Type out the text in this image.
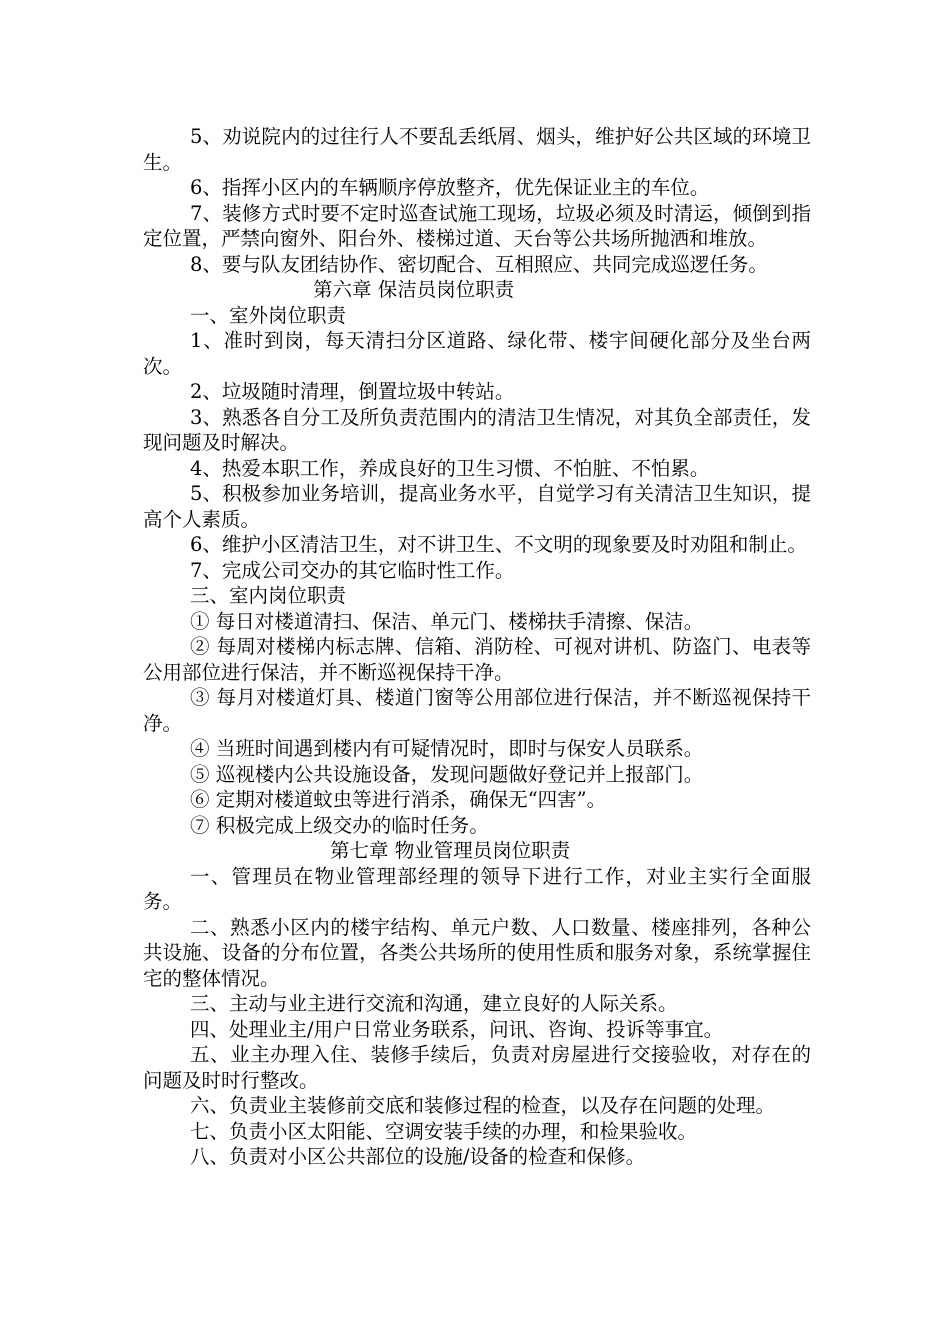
5、劝说院内的过往行人不要乱丢纸屑、烟头，维护好公共区域的环境卫生。

6、指挥小区内的车辆顺序停放整齐，优先保证业主的车位。

7、装修方式时要不定时巡查试施工现场，垃圾必须及时清运，倾倒到指定位置，严禁向窗外、阳台外、楼梯过道、天台等公共场所抛洒和堆放。

8、要与队友团结协作、密切配合、互相照应、共同完成巡逻任务。

第六章 保洁员岗位职责

一、室外岗位职责

1、准时到岗，每天清扫分区道路、绿化带、楼宇间硬化部分及坐台两次。

2、垃圾随时清理，倒置垃圾中转站。

3、熟悉各自分工及所负责范围内的清洁卫生情况，对其负全部责任，发现问题及时解决。

4、热爱本职工作，养成良好的卫生习惯、不怕脏、不怕累。

5、积极参加业务培训，提高业务水平，自觉学习有关清洁卫生知识，提高个人素质。

6、维护小区清洁卫生，对不讲卫生、不文明的现象要及时劝阻和制止。

7、完成公司交办的其它临时性工作。

三、室内岗位职责

① 每日对楼道清扫、保洁、单元门、楼梯扶手清擦、保洁。

② 每周对楼梯内标志牌、信箱、消防栓、可视对讲机、防盗门、电表等公用部位进行保洁，并不断巡视保持干净。

③ 每月对楼道灯具、楼道门窗等公用部位进行保洁，并不断巡视保持干净。

④ 当班时间遇到楼内有可疑情况时，即时与保安人员联系。

⑤ 巡视楼内公共设施设备，发现问题做好登记并上报部门。

⑥ 定期对楼道蚊虫等进行消杀，确保无“四害”。

⑦ 积极完成上级交办的临时任务。

第七章 物业管理员岗位职责

一、管理员在物业管理部经理的领导下进行工作，对业主实行全面服务。

二、熟悉小区内的楼宇结构、单元户数、人口数量、楼座排列，各种公共设施、设备的分布位置，各类公共场所的使用性质和服务对象，系统掌握住宅的整体情况。

三、主动与业主进行交流和沟通，建立良好的人际关系。

四、处理业主/用户日常业务联系，问讯、咨询、投诉等事宜。

五、业主办理入住、装修手续后，负责对房屋进行交接验收，对存在的问题及时时行整改。

六、负责业主装修前交底和装修过程的检查，以及存在问题的处理。

七、负责小区太阳能、空调安装手续的办理，和检果验收。

八、负责对小区公共部位的设施/设备的检查和保修。
